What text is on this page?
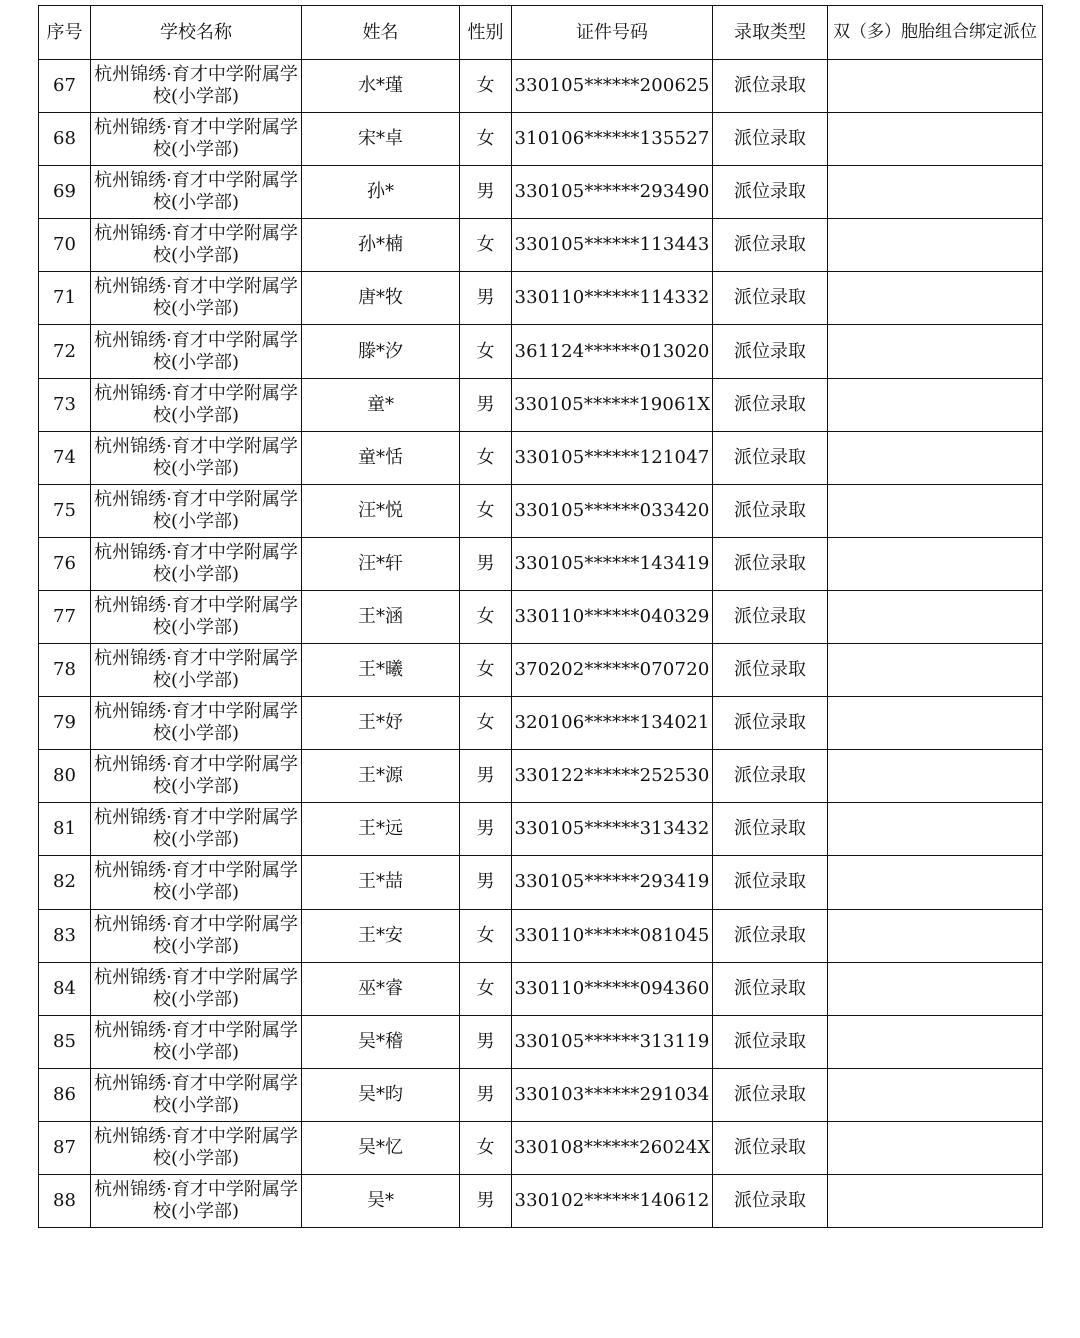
序号	学校名称	姓名	性别	证件号码	录取类型	双（多）胞胎组合绑定派位
67	杭州锦绣·育才中学附属学校(小学部)	水*瑾	女	330105******200625	派位录取	
68	杭州锦绣·育才中学附属学校(小学部)	宋*卓	女	310106******135527	派位录取	
69	杭州锦绣·育才中学附属学校(小学部)	孙*	男	330105******293490	派位录取	
70	杭州锦绣·育才中学附属学校(小学部)	孙*楠	女	330105******113443	派位录取	
71	杭州锦绣·育才中学附属学校(小学部)	唐*牧	男	330110******114332	派位录取	
72	杭州锦绣·育才中学附属学校(小学部)	滕*汐	女	361124******013020	派位录取	
73	杭州锦绣·育才中学附属学校(小学部)	童*	男	330105******19061X	派位录取	
74	杭州锦绣·育才中学附属学校(小学部)	童*恬	女	330105******121047	派位录取	
75	杭州锦绣·育才中学附属学校(小学部)	汪*悦	女	330105******033420	派位录取	
76	杭州锦绣·育才中学附属学校(小学部)	汪*轩	男	330105******143419	派位录取	
77	杭州锦绣·育才中学附属学校(小学部)	王*涵	女	330110******040329	派位录取	
78	杭州锦绣·育才中学附属学校(小学部)	王*曦	女	370202******070720	派位录取	
79	杭州锦绣·育才中学附属学校(小学部)	王*妤	女	320106******134021	派位录取	
80	杭州锦绣·育才中学附属学校(小学部)	王*源	男	330122******252530	派位录取	
81	杭州锦绣·育才中学附属学校(小学部)	王*远	男	330105******313432	派位录取	
82	杭州锦绣·育才中学附属学校(小学部)	王*喆	男	330105******293419	派位录取	
83	杭州锦绣·育才中学附属学校(小学部)	王*安	女	330110******081045	派位录取	
84	杭州锦绣·育才中学附属学校(小学部)	巫*睿	女	330110******094360	派位录取	
85	杭州锦绣·育才中学附属学校(小学部)	吴*稽	男	330105******313119	派位录取	
86	杭州锦绣·育才中学附属学校(小学部)	吴*昀	男	330103******291034	派位录取	
87	杭州锦绣·育才中学附属学校(小学部)	吴*忆	女	330108******26024X	派位录取	
88	杭州锦绣·育才中学附属学校(小学部)	吴*	男	330102******140612	派位录取	
